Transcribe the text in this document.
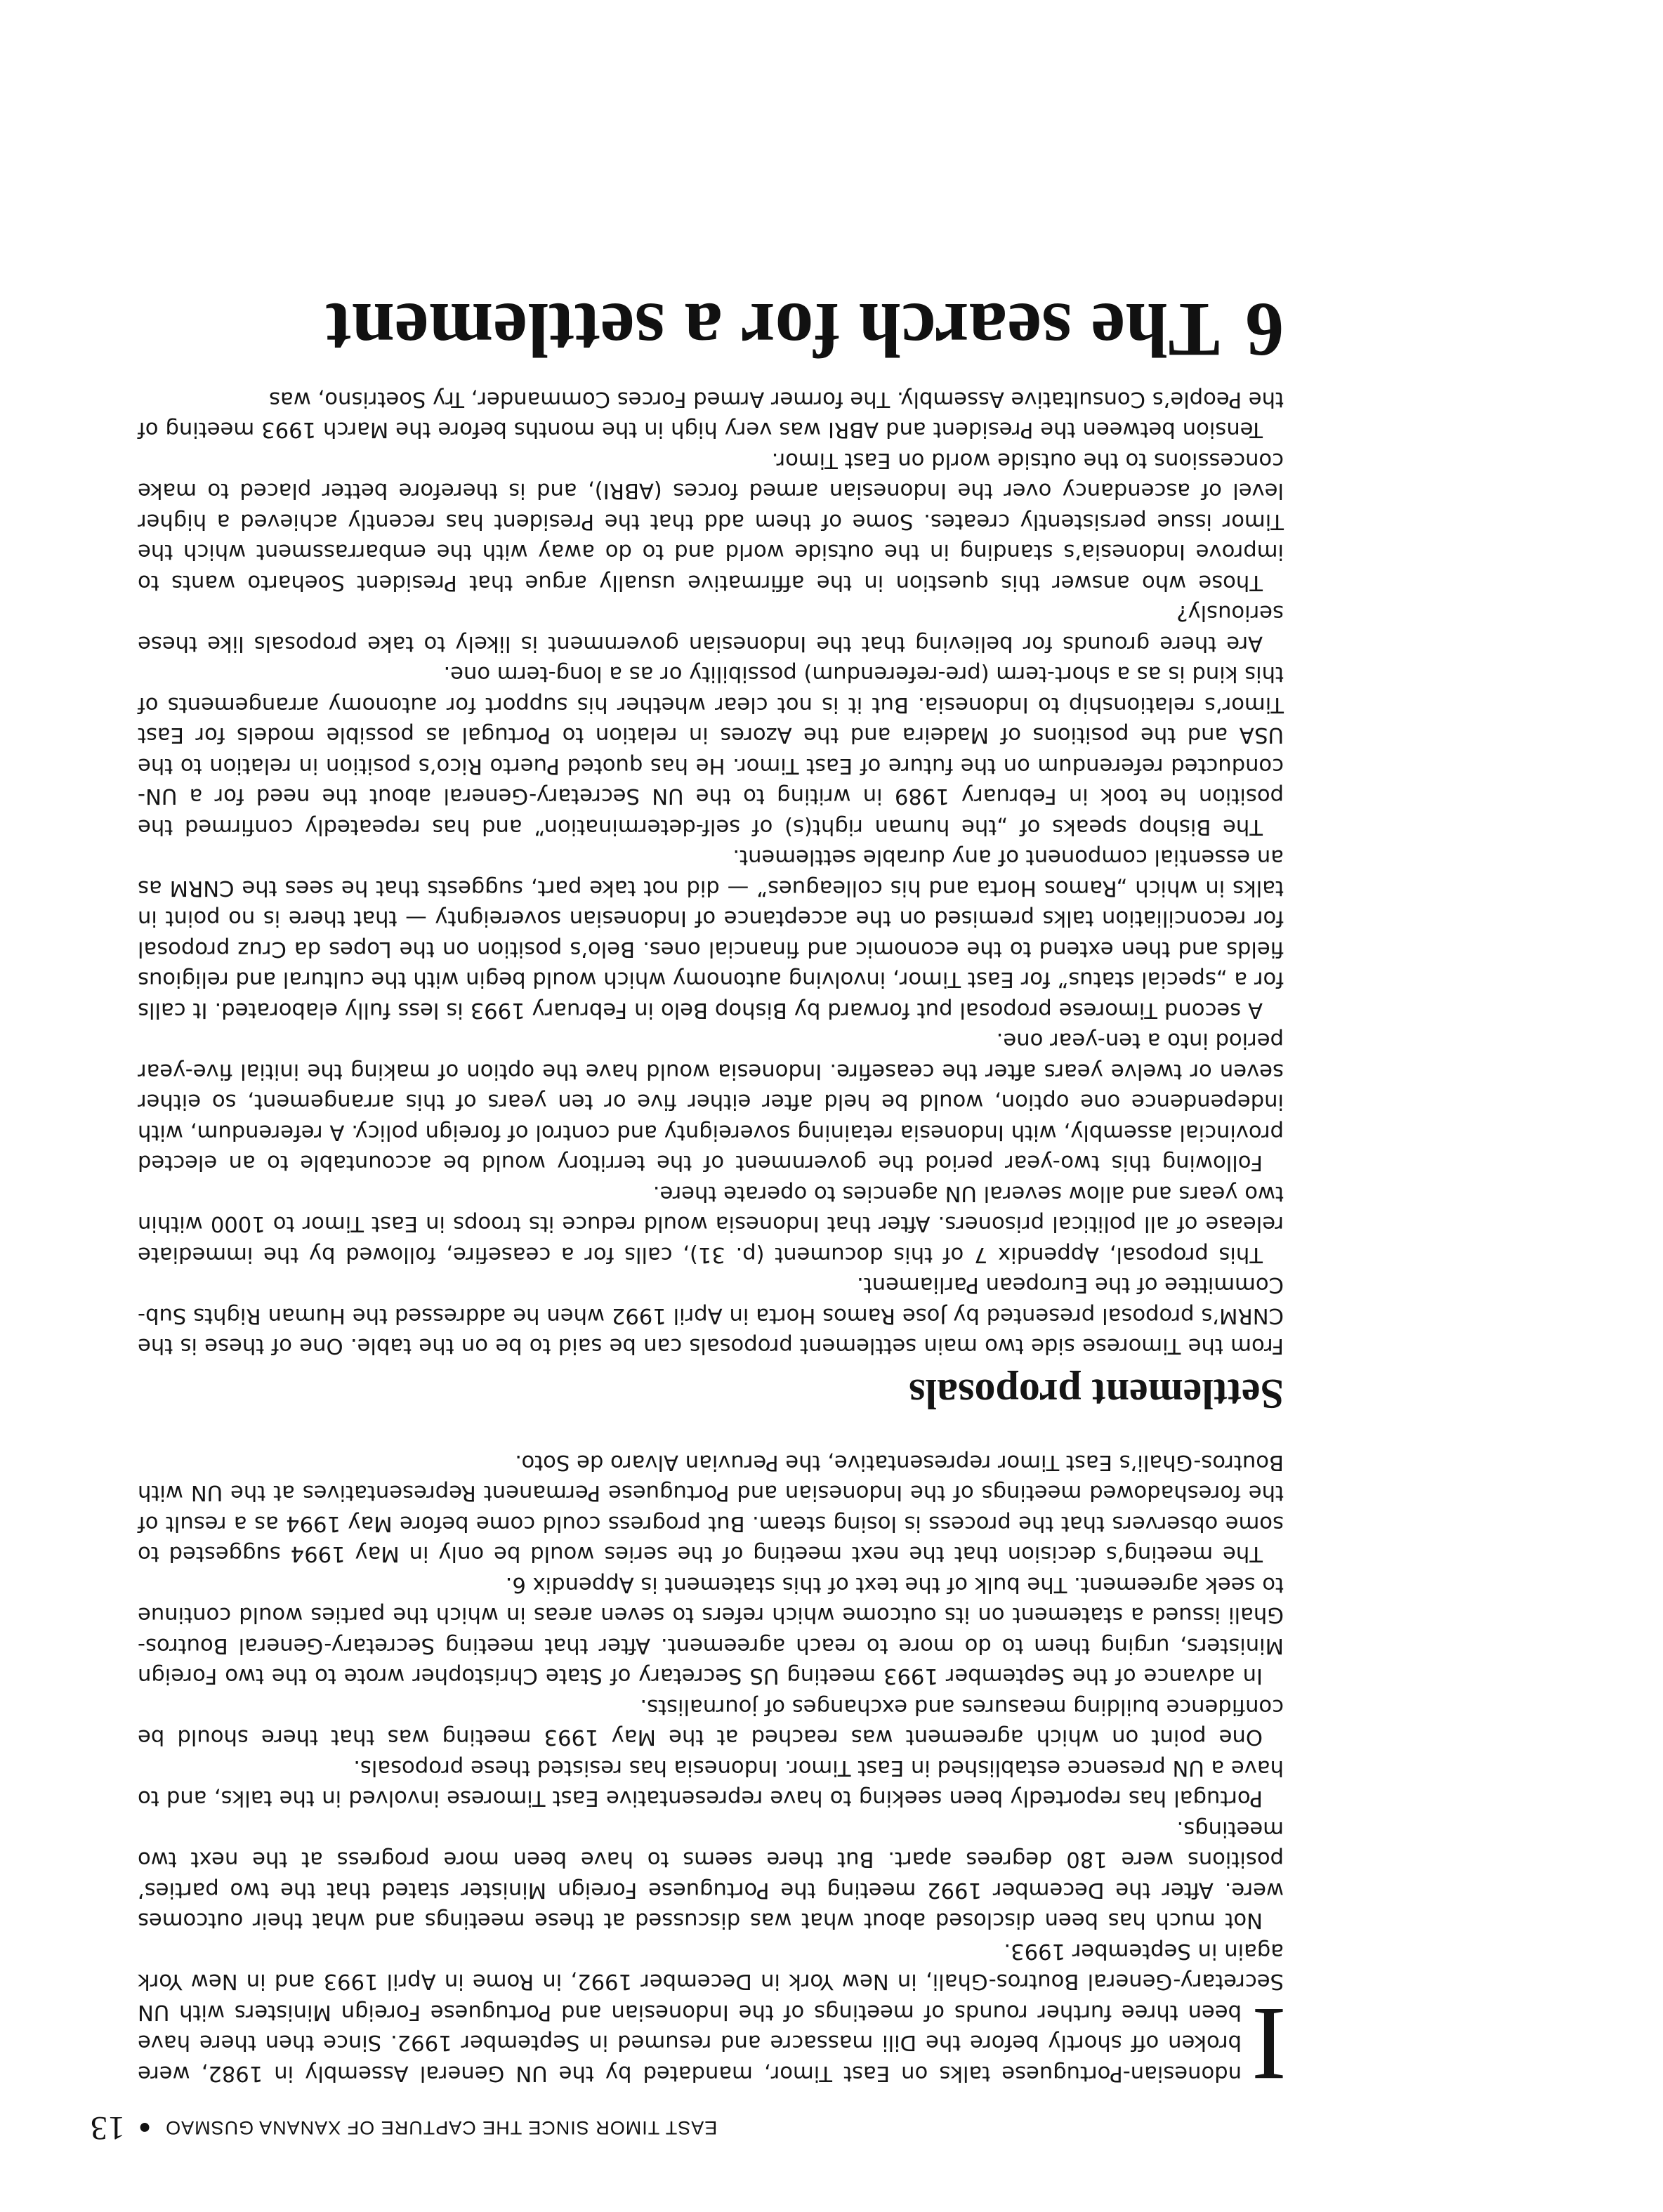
EAST TIMOR SINCE THE CAPTURE OF XANANA GUSMAO●13

I
ndonesian-Portuguese talks on East Timor, mandated by the UN General Assembly in 1982, were broken off shortly before the Dili massacre and resumed in September 1992. Since then there have been three further rounds of meetings of the Indonesian and Portuguese Foreign Ministers with UN Secretary-General Boutros-Ghali, in New York in December 1992, in Rome in April 1993 and in New York again in September 1993.

Not much has been disclosed about what was discussed at these meetings and what their outcomes were. After the December 1992 meeting the Portuguese Foreign Minister stated that the two parties’ positions were 180 degrees apart. But there seems to have been more progress at the next two meetings.

Portugal has reportedly been seeking to have representative East Timorese involved in the talks, and to have a UN presence established in East Timor. Indonesia has resisted these proposals.

One point on which agreement was reached at the May 1993 meeting was that there should be confidence building measures and exchanges of journalists.

In advance of the September 1993 meeting US Secretary of State Christopher wrote to the two Foreign Ministers, urging them to do more to reach agreement. After that meeting Secretary-General Boutros-Ghali issued a statement on its outcome which refers to seven areas in which the parties would continue to seek agreement. The bulk of the text of this statement is Appendix 6.

The meeting’s decision that the next meeting of the series would be only in May 1994 suggested to some observers that the process is losing steam. But progress could come before May 1994 as a result of the foreshadowed meetings of the Indonesian and Portuguese Permanent Representatives at the UN with Boutros-Ghali’s East Timor representative, the Peruvian Alvaro de Soto.

Settlement proposals

From the Timorese side two main settlement proposals can be said to be on the table. One of these is the CNRM’s proposal presented by Jose Ramos Horta in April 1992 when he addressed the Human Rights Sub-Committee of the European Parliament.

This proposal, Appendix 7 of this document (p. 31), calls for a ceasefire, followed by the immediate release of all political prisoners. After that Indonesia would reduce its troops in East Timor to 1000 within two years and allow several UN agencies to operate there.

Following this two-year period the government of the territory would be accountable to an elected provincial assembly, with Indonesia retaining sovereignty and control of foreign policy. A referendum, with independence one option, would be held after either five or ten years of this arrangement, so either seven or twelve years after the ceasefire. Indonesia would have the option of making the initial five-year period into a ten-year one.

A second Timorese proposal put forward by Bishop Belo in February 1993 is less fully elaborated. It calls for a „special status” for East Timor, involving autonomy which would begin with the cultural and religious fields and then extend to the economic and financial ones. Belo’s position on the Lopes da Cruz proposal for reconciliation talks premised on the acceptance of Indonesian sovereignty — that there is no point in talks in which „Ramos Horta and his colleagues” — did not take part, suggests that he sees the CNRM as an essential component of any durable settlement.

The Bishop speaks of „the human right(s) of self-determination” and has repeatedly confirmed the position he took in February 1989 in writing to the UN Secretary-General about the need for a UN-conducted referendum on the future of East Timor. He has quoted Puerto Rico’s position in relation to the USA and the positions of Madeira and the Azores in relation to Portugal as possible models for East Timor’s relationship to Indonesia. But it is not clear whether his support for autonomy arrangements of this kind is as a short-term (pre-referendum) possibility or as a long-term one.

Are there grounds for believing that the Indonesian government is likely to take proposals like these seriously?

Those who answer this question in the affirmative usually argue that President Soeharto wants to improve Indonesia’s standing in the outside world and to do away with the embarrassment which the Timor issue persistently creates. Some of them add that the President has recently achieved a higher level of ascendancy over the Indonesian armed forces (ABRI), and is therefore better placed to make concessions to the outside world on East Timor.

Tension between the President and ABRI was very high in the months before the March 1993 meeting of the People’s Consultative Assembly. The former Armed Forces Commander, Try Soetrisno, was

6The search for a settlement
